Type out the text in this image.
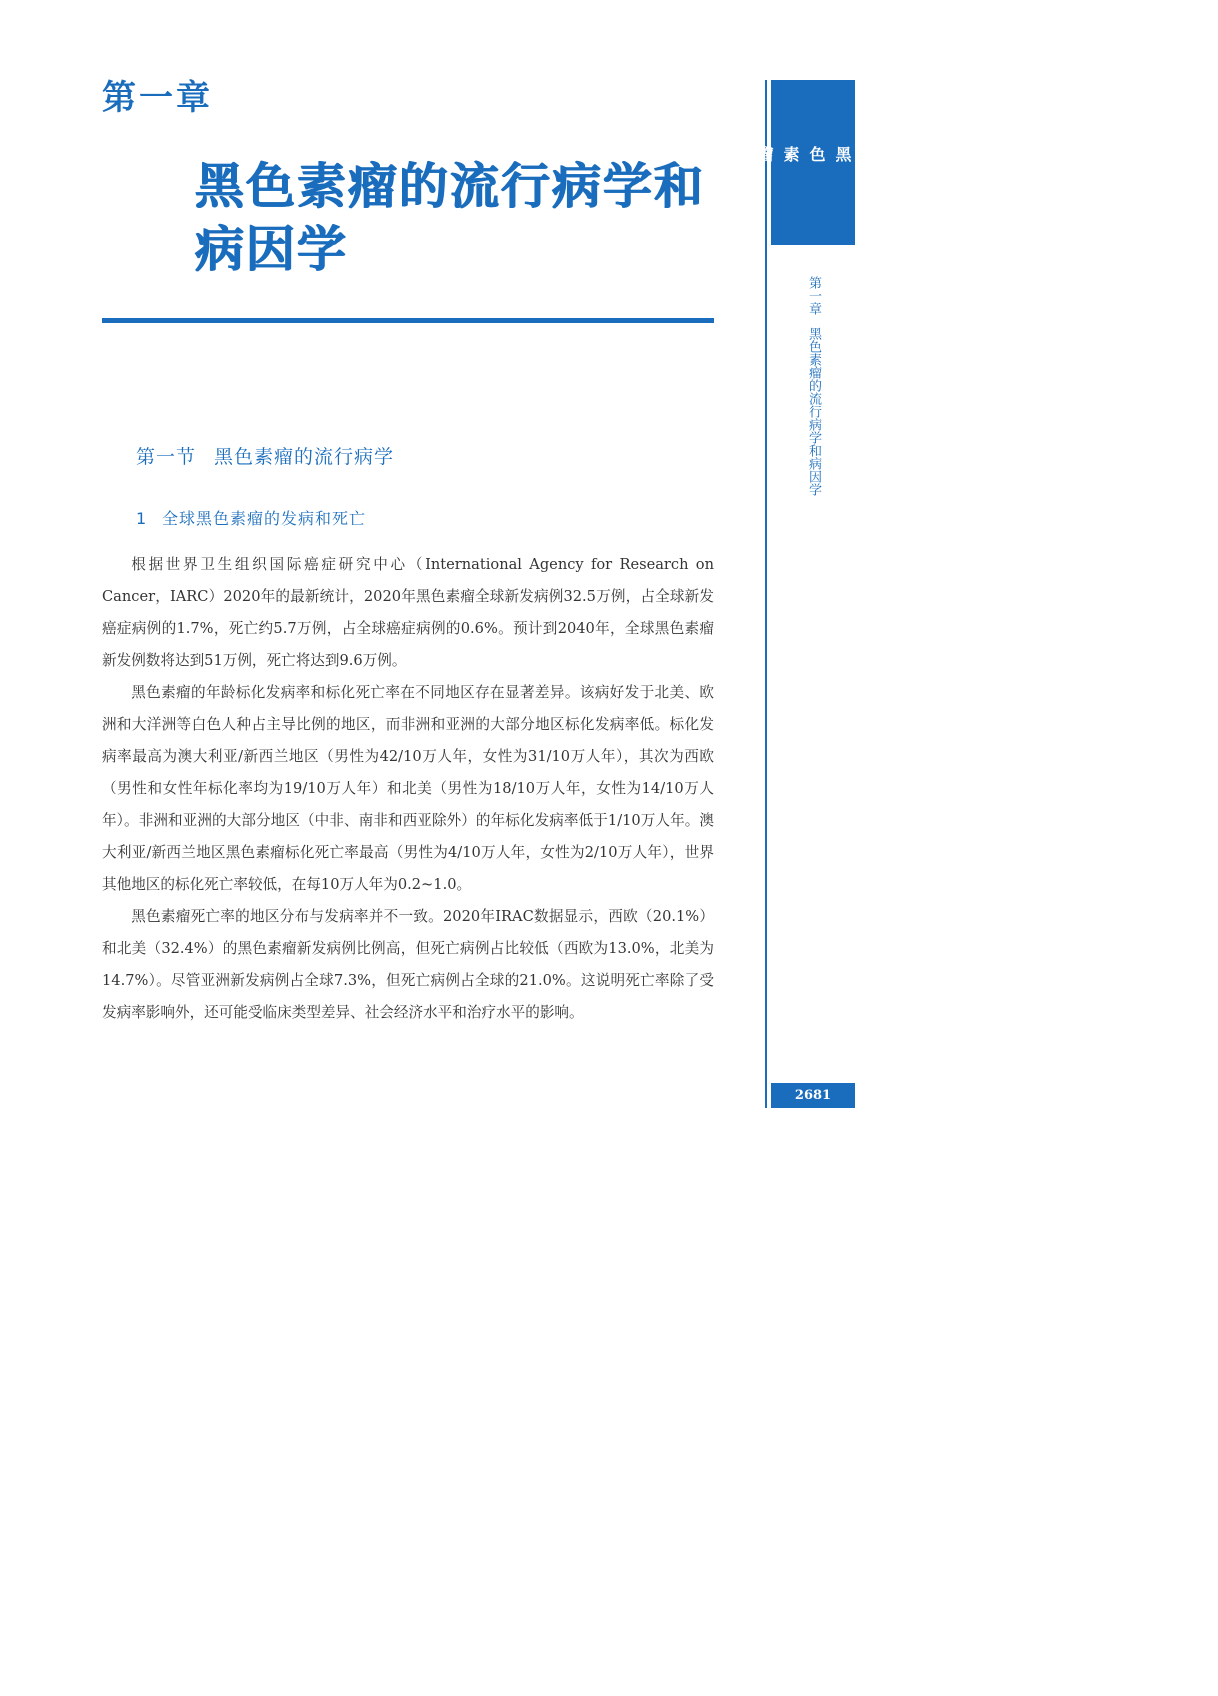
第一章
黑色素瘤的流行病学和
病因学
第一节 黑色素瘤的流行病学
1 全球黑色素瘤的发病和死亡

根据世界卫生组织国际癌症研究中心（International Agency for Research on Cancer，IARC）2020年的最新统计，2020年黑色素瘤全球新发病例32.5万例，占全球新发癌症病例的1.7%，死亡约5.7万例，占全球癌症病例的0.6%。预计到2040年，全球黑色素瘤新发例数将达到51万例，死亡将达到9.6万例。

黑色素瘤的年龄标化发病率和标化死亡率在不同地区存在显著差异。该病好发于北美、欧洲和大洋洲等白色人种占主导比例的地区，而非洲和亚洲的大部分地区标化发病率低。标化发病率最高为澳大利亚/新西兰地区（男性为42/10万人年，女性为31/10万人年），其次为西欧（男性和女性年标化率均为19/10万人年）和北美（男性为18/10万人年，女性为14/10万人年）。非洲和亚洲的大部分地区（中非、南非和西亚除外）的年标化发病率低于1/10万人年。澳大利亚/新西兰地区黑色素瘤标化死亡率最高（男性为4/10万人年，女性为2/10万人年），世界其他地区的标化死亡率较低，在每10万人年为0.2~1.0。

黑色素瘤死亡率的地区分布与发病率并不一致。2020年IRAC数据显示，西欧（20.1%）和北美（32.4%）的黑色素瘤新发病例比例高，但死亡病例占比较低（西欧为13.0%，北美为14.7%）。尽管亚洲新发病例占全球7.3%，但死亡病例占全球的21.0%。这说明死亡率除了受发病率影响外，还可能受临床类型差异、社会经济水平和治疗水平的影响。

黑色素瘤
第一章黑色素瘤的流行病学和病因学
2681
